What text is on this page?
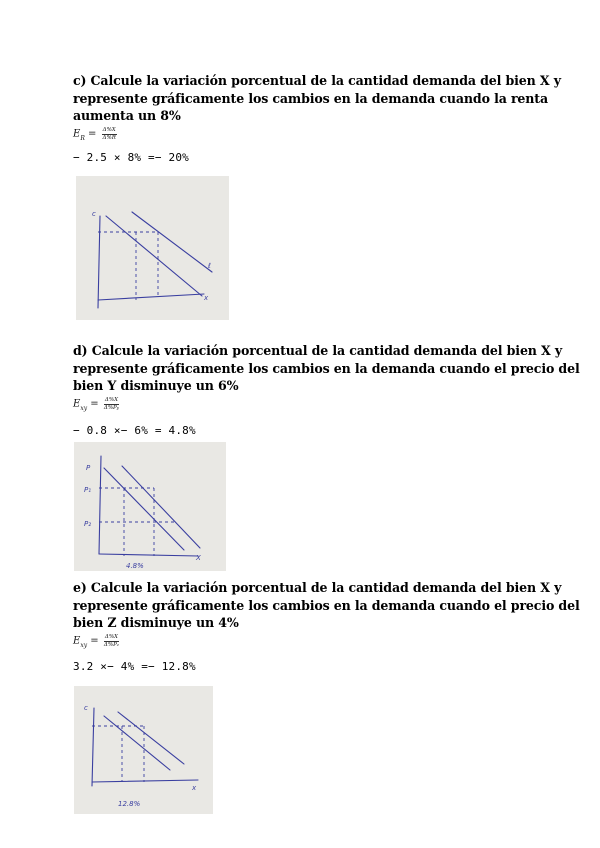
c) Calcule la variación porcentual de la cantidad demanda del bien X y

represente gráficamente los cambios en la demanda cuando la renta

aumenta un 8%

$E_R = \frac{\Delta\%X}{\Delta\%R}$
− 2.5 × 8% =− 20%
c
x
ℓ

d) Calcule la variación porcentual de la cantidad demanda del bien X y

represente gráficamente los cambios en la demanda cuando el precio del

bien Y disminuye un 6%

$E_{xy} = \frac{\Delta\%X}{\Delta\%Py}$
− 0.8 ×− 6% = 4.8%
P
P₁
P₂
X
4.8%

e) Calcule la variación porcentual de la cantidad demanda del bien X y

represente gráficamente los cambios en la demanda cuando el precio del

bien Z disminuye un 4%

$E_{xy} = \frac{\Delta\%X}{\Delta\%Pz}$
3.2 ×− 4% =− 12.8%
c
x
12.8%
